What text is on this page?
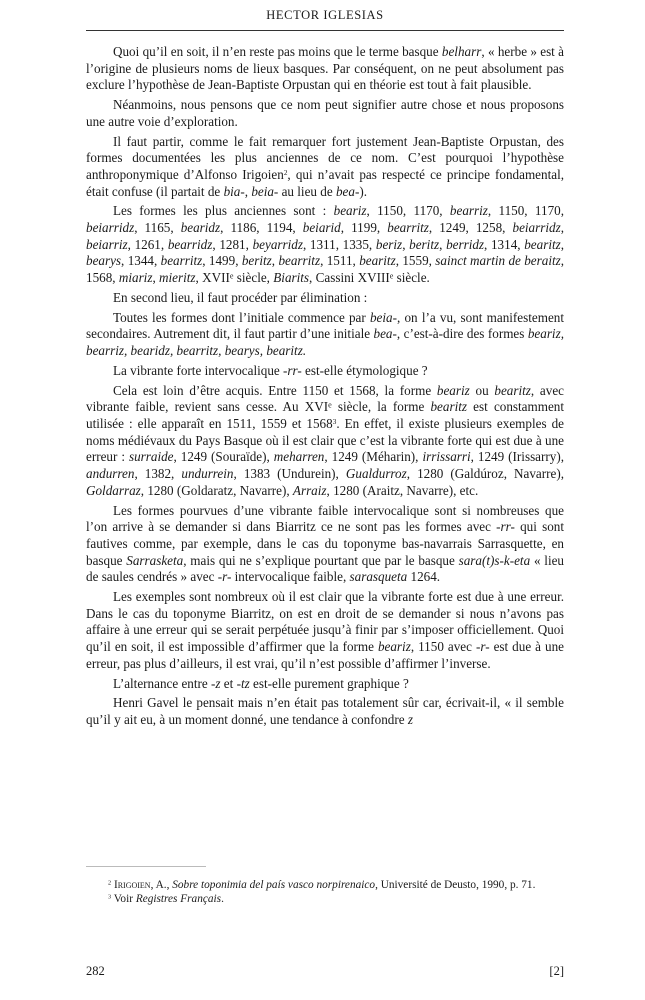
HECTOR IGLESIAS

Quoi qu’il en soit, il n’en reste pas moins que le terme basque belharr, « herbe » est à l’origine de plusieurs noms de lieux basques. Par conséquent, on ne peut absolument pas exclure l’hypothèse de Jean-Baptiste Orpustan qui en théorie est tout à fait plausible.

Néanmoins, nous pensons que ce nom peut signifier autre chose et nous proposons une autre voie d’exploration.

Il faut partir, comme le fait remarquer fort justement Jean-Baptiste Orpustan, des formes documentées les plus anciennes de ce nom. C’est pourquoi l’hypothèse anthroponymique d’Alfonso Irigoien$^2$, qui n’avait pas respecté ce principe fondamental, était confuse (il partait de bia-, beia- au lieu de bea-).

Les formes les plus anciennes sont : beariz, 1150, 1170, bearriz, 1150, 1170, beiarridz, 1165, bearidz, 1186, 1194, beiarid, 1199, bearritz, 1249, 1258, beiarridz, beiarriz, 1261, bearridz, 1281, beyarridz, 1311, 1335, beriz, beritz, berridz, 1314, bearitz, bearys, 1344, bearritz, 1499, beritz, bearritz, 1511, bearitz, 1559, sainct martin de beraitz, 1568, miariz, mieritz, XVIIe siècle, Biarits, Cassini XVIIIe siècle.

En second lieu, il faut procéder par élimination :

Toutes les formes dont l’initiale commence par beia-, on l’a vu, sont manifestement secondaires. Autrement dit, il faut partir d’une initiale bea-, c’est-à-dire des formes beariz, bearriz, bearidz, bearritz, bearys, bearitz.

La vibrante forte intervocalique -rr- est-elle étymologique ?

Cela est loin d’être acquis. Entre 1150 et 1568, la forme beariz ou bearitz, avec vibrante faible, revient sans cesse. Au XVIe siècle, la forme bearitz est constamment utilisée : elle apparaît en 1511, 1559 et 1568$^3$. En effet, il existe plusieurs exemples de noms médiévaux du Pays Basque où il est clair que c’est la vibrante forte qui est due à une erreur : surraide, 1249 (Souraïde), meharren, 1249 (Méharin), irrissarri, 1249 (Irissarry), andurren, 1382, undurrein, 1383 (Undurein), Gualdurroz, 1280 (Galdúroz, Navarre), Goldarraz, 1280 (Goldaratz, Navarre), Arraiz, 1280 (Araitz, Navarre), etc.

Les formes pourvues d’une vibrante faible intervocalique sont si nombreuses que l’on arrive à se demander si dans Biarritz ce ne sont pas les formes avec -rr- qui sont fautives comme, par exemple, dans le cas du toponyme bas-navarrais Sarrasquette, en basque Sarrasketa, mais qui ne s’explique pourtant que par le basque sara(t)s-k-eta « lieu de saules cendrés » avec -r- intervocalique faible, sarasqueta 1264.

Les exemples sont nombreux où il est clair que la vibrante forte est due à une erreur. Dans le cas du toponyme Biarritz, on est en droit de se demander si nous n’avons pas affaire à une erreur qui se serait perpétuée jusqu’à finir par s’imposer officiellement. Quoi qu’il en soit, il est impossible d’affirmer que la forme beariz, 1150 avec -r- est due à une erreur, pas plus d’ailleurs, il est vrai, qu’il n’est possible d’affirmer l’inverse.

L’alternance entre -z et -tz est-elle purement graphique ?

Henri Gavel le pensait mais n’en était pas totalement sûr car, écrivait-il, « il semble qu’il y ait eu, à un moment donné, une tendance à confondre z

$^2$ Irigoien, A., Sobre toponimia del país vasco norpirenaico, Université de Deusto, 1990, p. 71.

$^3$ Voir Registres Français.

282	[2]
